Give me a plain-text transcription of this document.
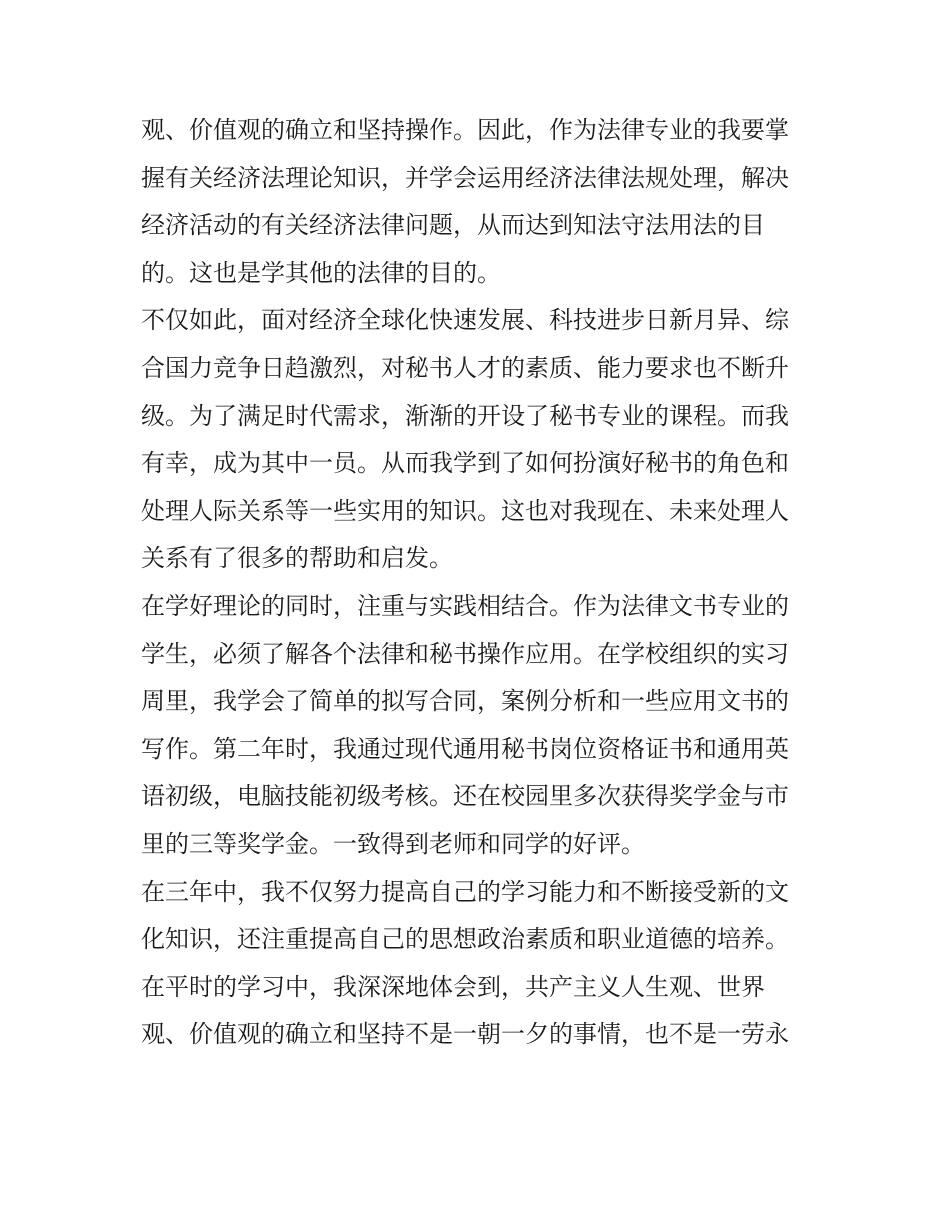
观、价值观的确立和坚持操作。因此，作为法律专业的我要掌
握有关经济法理论知识，并学会运用经济法律法规处理，解决
经济活动的有关经济法律问题，从而达到知法守法用法的目
的。这也是学其他的法律的目的。
不仅如此，面对经济全球化快速发展、科技进步日新月异、综
合国力竞争日趋激烈，对秘书人才的素质、能力要求也不断升
级。为了满足时代需求，渐渐的开设了秘书专业的课程。而我
有幸，成为其中一员。从而我学到了如何扮演好秘书的角色和
处理人际关系等一些实用的知识。这也对我现在、未来处理人
关系有了很多的帮助和启发。
在学好理论的同时，注重与实践相结合。作为法律文书专业的
学生，必须了解各个法律和秘书操作应用。在学校组织的实习
周里，我学会了简单的拟写合同，案例分析和一些应用文书的
写作。第二年时，我通过现代通用秘书岗位资格证书和通用英
语初级，电脑技能初级考核。还在校园里多次获得奖学金与市
里的三等奖学金。一致得到老师和同学的好评。
在三年中，我不仅努力提高自己的学习能力和不断接受新的文
化知识，还注重提高自己的思想政治素质和职业道德的培养。
在平时的学习中，我深深地体会到，共产主义人生观、世界
观、价值观的确立和坚持不是一朝一夕的事情，也不是一劳永
